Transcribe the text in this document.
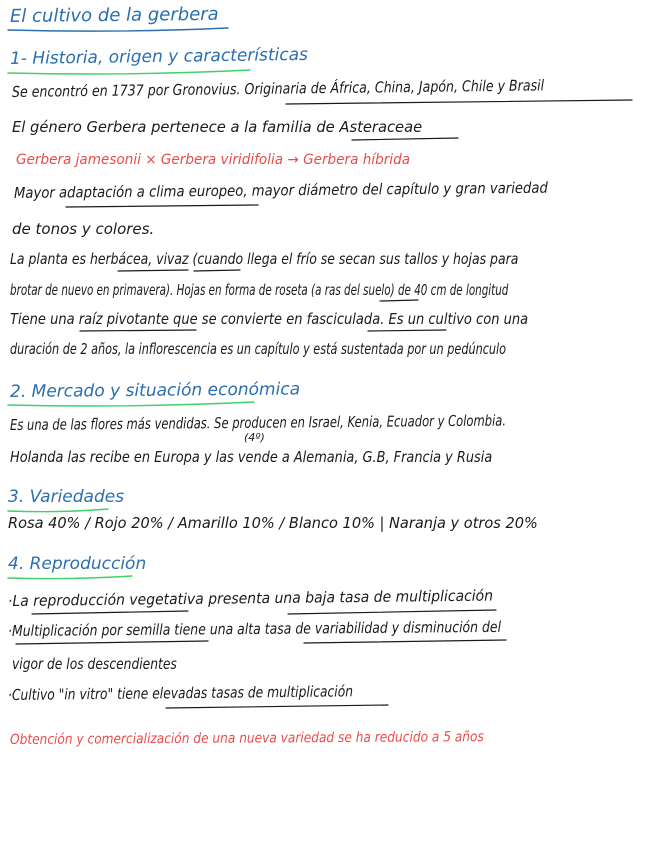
El cultivo de la gerbera
1- Historia, origen y características
Se encontró en 1737 por Gronovius. Originaria de África, China, Japón, Chile y Brasil
El género Gerbera pertenece a la familia de Asteraceae
Gerbera jamesonii × Gerbera viridifolia → Gerbera híbrida
Mayor adaptación a clima europeo, mayor diámetro del capítulo y gran variedad
de tonos y colores.
La planta es herbácea, vivaz (cuando llega el frío se secan sus tallos y hojas para
brotar de nuevo en primavera). Hojas en forma de roseta (a ras del suelo) de 40 cm de longitud
Tiene una raíz pivotante que se convierte en fasciculada. Es un cultivo con una
duración de 2 años, la inflorescencia es un capítulo y está sustentada por un pedúnculo
2. Mercado y situación económica
Es una de las flores más vendidas. Se producen en Israel, Kenia, Ecuador y Colombia.
(4º)
Holanda las recibe en Europa y las vende a Alemania, G.B, Francia y Rusia
3. Variedades
Rosa 40% / Rojo 20% / Amarillo 10% / Blanco 10% | Naranja y otros 20%
4. Reproducción
·La reproducción vegetativa presenta una baja tasa de multiplicación
·Multiplicación por semilla tiene una alta tasa de variabilidad y disminución del
vigor de los descendientes
·Cultivo "in vitro" tiene elevadas tasas de multiplicación
Obtención y comercialización de una nueva variedad se ha reducido a 5 años
